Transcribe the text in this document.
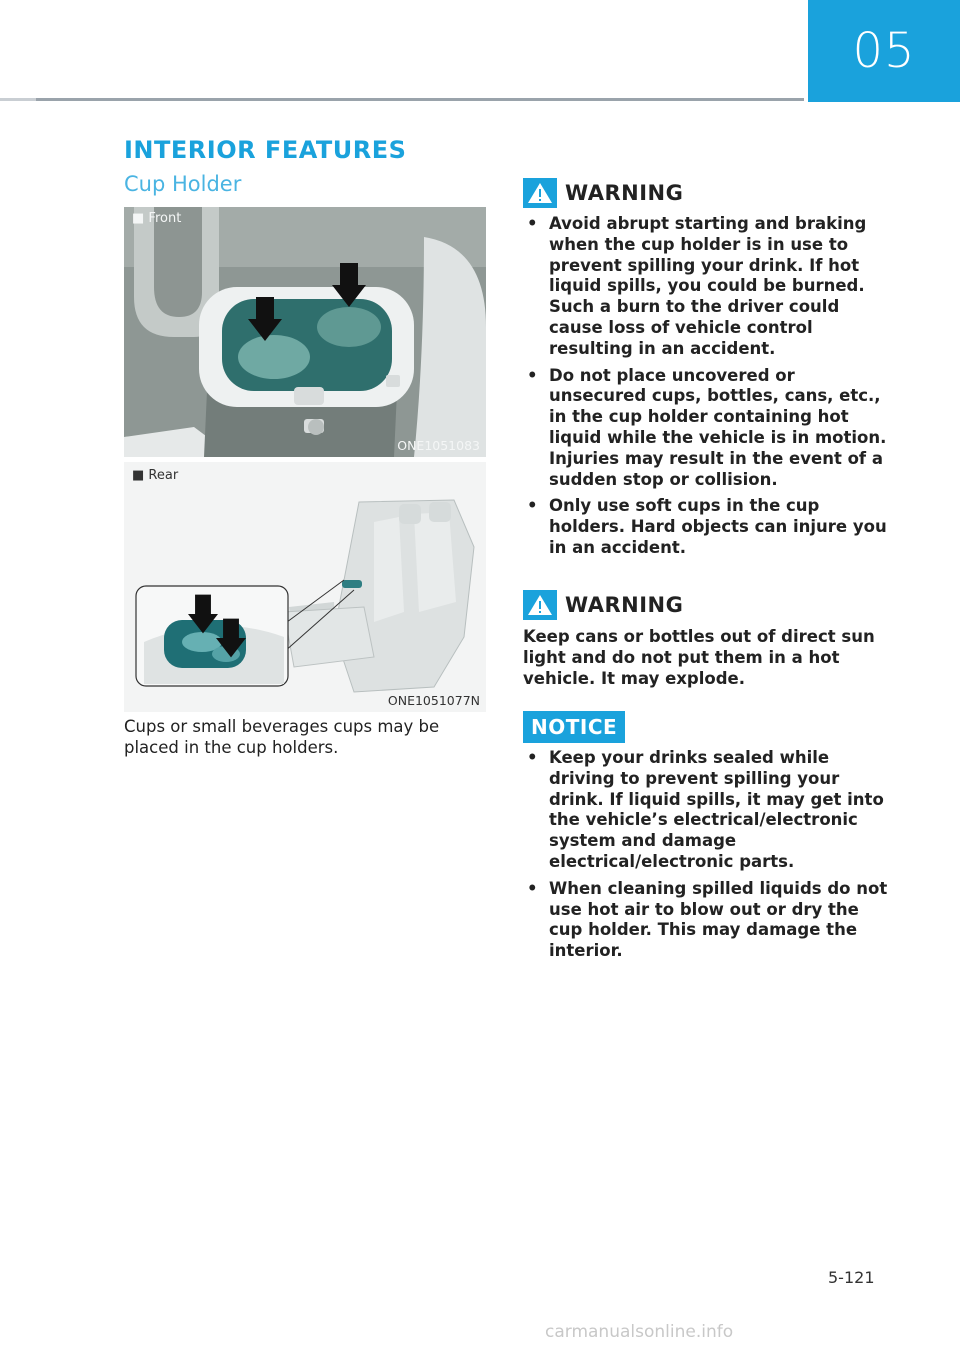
05
INTERIOR FEATURES
Cup Holder
■ Front
ONE1051083
■ Rear
ONE1051077N
Cups or small beverages cups may be placed in the cup holders.
WARNING
• Avoid abrupt starting and braking when the cup holder is in use to prevent spilling your drink. If hot liquid spills, you could be burned. Such a burn to the driver could cause loss of vehicle control resulting in an accident.
• Do not place uncovered or unsecured cups, bottles, cans, etc., in the cup holder containing hot liquid while the vehicle is in motion. Injuries may result in the event of a sudden stop or collision.
• Only use soft cups in the cup holders. Hard objects can injure you in an accident.
WARNING
Keep cans or bottles out of direct sun light and do not put them in a hot vehicle. It may explode.
NOTICE
• Keep your drinks sealed while driving to prevent spilling your drink. If liquid spills, it may get into the vehicle’s electrical/electronic system and damage electrical/electronic parts.
• When cleaning spilled liquids do not use hot air to blow out or dry the cup holder. This may damage the interior.
5-121
carmanualsonline.info
